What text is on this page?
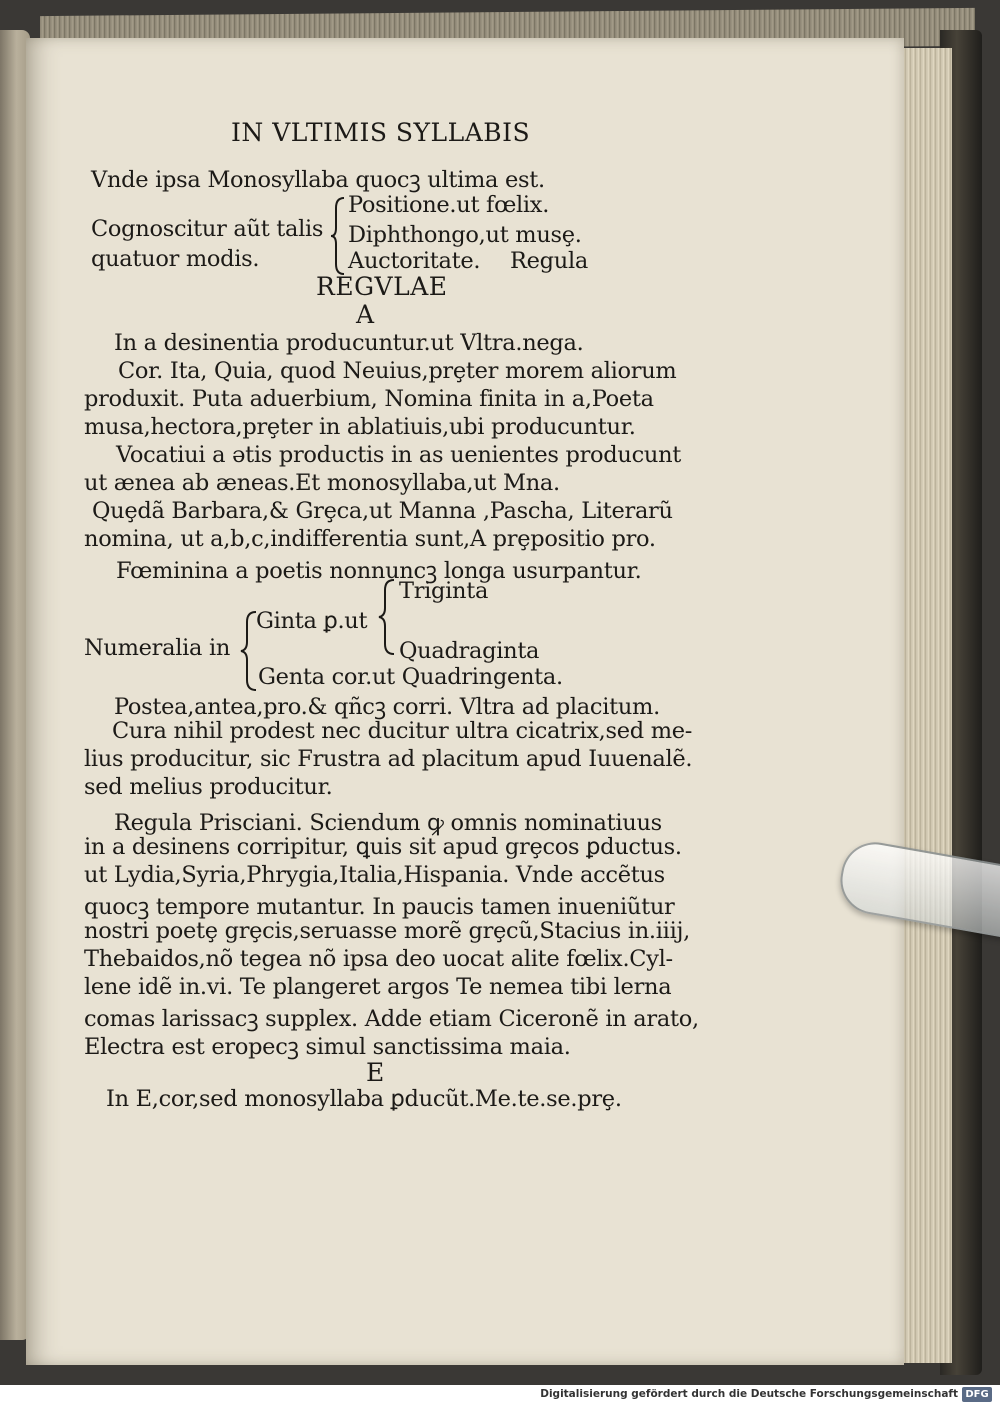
IN VLTIMIS SYLLABIS
Vnde ipsa Monosyllaba quocꝫ ultima est.
Positione.ut fœlix.
Cognoscitur aũt talis Diphthongo,ut musȩ.
quatuor modis.	Auctoritate. Regula
REGVLAE
A
In a desinentia producuntur.ut Vltra.nega.
Cor. Ita, Quia, quod Neuius,prȩter morem aliorum
produxit. Puta aduerbium, Nomina finita in a,Poeta
musa,hectora,prȩter in ablatiuis,ubi producuntur.
Vocatiui a ətis productis in as uenientes producunt
ut æneа ab æneas.Et monosyllaba,ut Mna.
Quȩdã Barbara,& Grȩca,ut Manna ,Pascha, Literarũ
nomina, ut a,b,c,indifferentia sunt,A prȩpositio pro.
Fœminina a poetis nonnuncꝫ longa usurpantur.
Triginta
Ginta ꝑ.ut
Numeralia in	Quadraginta
Genta cor.ut Quadringenta.
Postea,antea,pro.& qñcꝫ corri. Vltra ad placitum.
Cura nihil prodest nec ducitur ultra cicatrix,sed me-
lius producitur, sic Frustra ad placitum apud Iuuenalẽ.
sed melius producitur.
Regula Prisciani. Sciendum ꝙ omnis nominatiuus
in a desinens corripitur, ꝗuis sit apud grȩcos ꝑductus.
ut Lydia,Syria,Phrygia,Italia,Hispania. Vnde accẽtus
quocꝫ tempore mutantur. In paucis tamen inueniũtur
nostri poetȩ grȩcis,seruasse morẽ grȩcũ,Stacius in.iiij,
Thebaidos,nõ tegea nõ ipsa deo uocat alite fœlix.Cyl-
lene idẽ in.vi. Te plangeret argos Te nemea tibi lerna
comas larissacꝫ supplex. Adde etiam Ciceronẽ in arato,
Electra est eropecꝫ simul sanctissima maia.
E
In E,cor,sed monosyllaba ꝑducũt.Me.te.se.prȩ.
Digitalisierung gefördert durch die Deutsche Forschungsgemeinschaft DFG
